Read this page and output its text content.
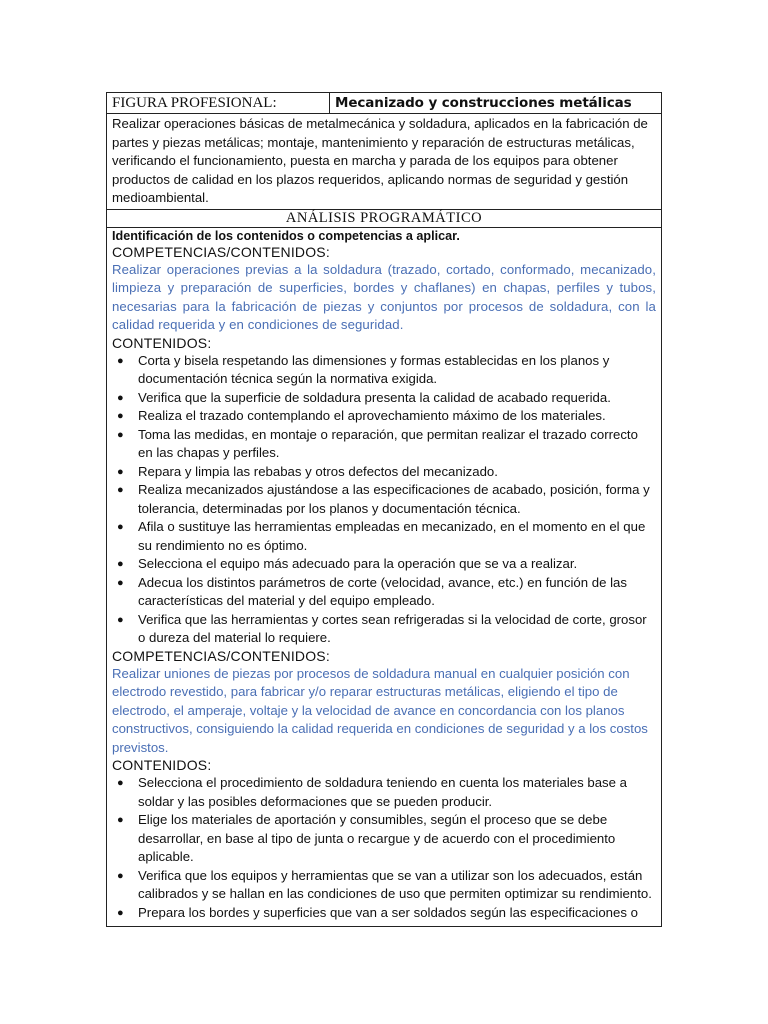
FIGURA PROFESIONAL:	Mecanizado y construcciones metálicas
Realizar operaciones básicas de metalmecánica y soldadura, aplicados en la fabricación de partes y piezas metálicas; montaje, mantenimiento y reparación de estructuras metálicas, verificando el funcionamiento, puesta en marcha y parada de los equipos para obtener productos de calidad en los plazos requeridos, aplicando normas de seguridad y gestión medioambiental.
ANÁLISIS PROGRAMÁTICO

Identificación de los contenidos o competencias a aplicar.
COMPETENCIAS/CONTENIDOS:
Realizar operaciones previas a la soldadura (trazado, cortado, conformado, mecanizado, limpieza y preparación de superficies, bordes y chaflanes) en chapas, perfiles y tubos, necesarias para la fabricación de piezas y conjuntos por procesos de soldadura, con la calidad requerida y en condiciones de seguridad.
CONTENIDOS:
● Corta y bisela respetando las dimensiones y formas establecidas en los planos y documentación técnica según la normativa exigida.
● Verifica que la superficie de soldadura presenta la calidad de acabado requerida.
● Realiza el trazado contemplando el aprovechamiento máximo de los materiales.
● Toma las medidas, en montaje o reparación, que permitan realizar el trazado correcto en las chapas y perfiles.
● Repara y limpia las rebabas y otros defectos del mecanizado.
● Realiza mecanizados ajustándose a las especificaciones de acabado, posición, forma y tolerancia, determinadas por los planos y documentación técnica.
● Afila o sustituye las herramientas empleadas en mecanizado, en el momento en el que su rendimiento no es óptimo.
● Selecciona el equipo más adecuado para la operación que se va a realizar.
● Adecua los distintos parámetros de corte (velocidad, avance, etc.) en función de las características del material y del equipo empleado.
● Verifica que las herramientas y cortes sean refrigeradas si la velocidad de corte, grosor o dureza del material lo requiere.
COMPETENCIAS/CONTENIDOS:
Realizar uniones de piezas por procesos de soldadura manual en cualquier posición con electrodo revestido, para fabricar y/o reparar estructuras metálicas, eligiendo el tipo de electrodo, el amperaje, voltaje y la velocidad de avance en concordancia con los planos constructivos, consiguiendo la calidad requerida en condiciones de seguridad y a los costos previstos.
CONTENIDOS:
● Selecciona el procedimiento de soldadura teniendo en cuenta los materiales base a soldar y las posibles deformaciones que se pueden producir.
● Elige los materiales de aportación y consumibles, según el proceso que se debe desarrollar, en base al tipo de junta o recargue y de acuerdo con el procedimiento aplicable.
● Verifica que los equipos y herramientas que se van a utilizar son los adecuados, están calibrados y se hallan en las condiciones de uso que permiten optimizar su rendimiento.
● Prepara los bordes y superficies que van a ser soldados según las especificaciones o
